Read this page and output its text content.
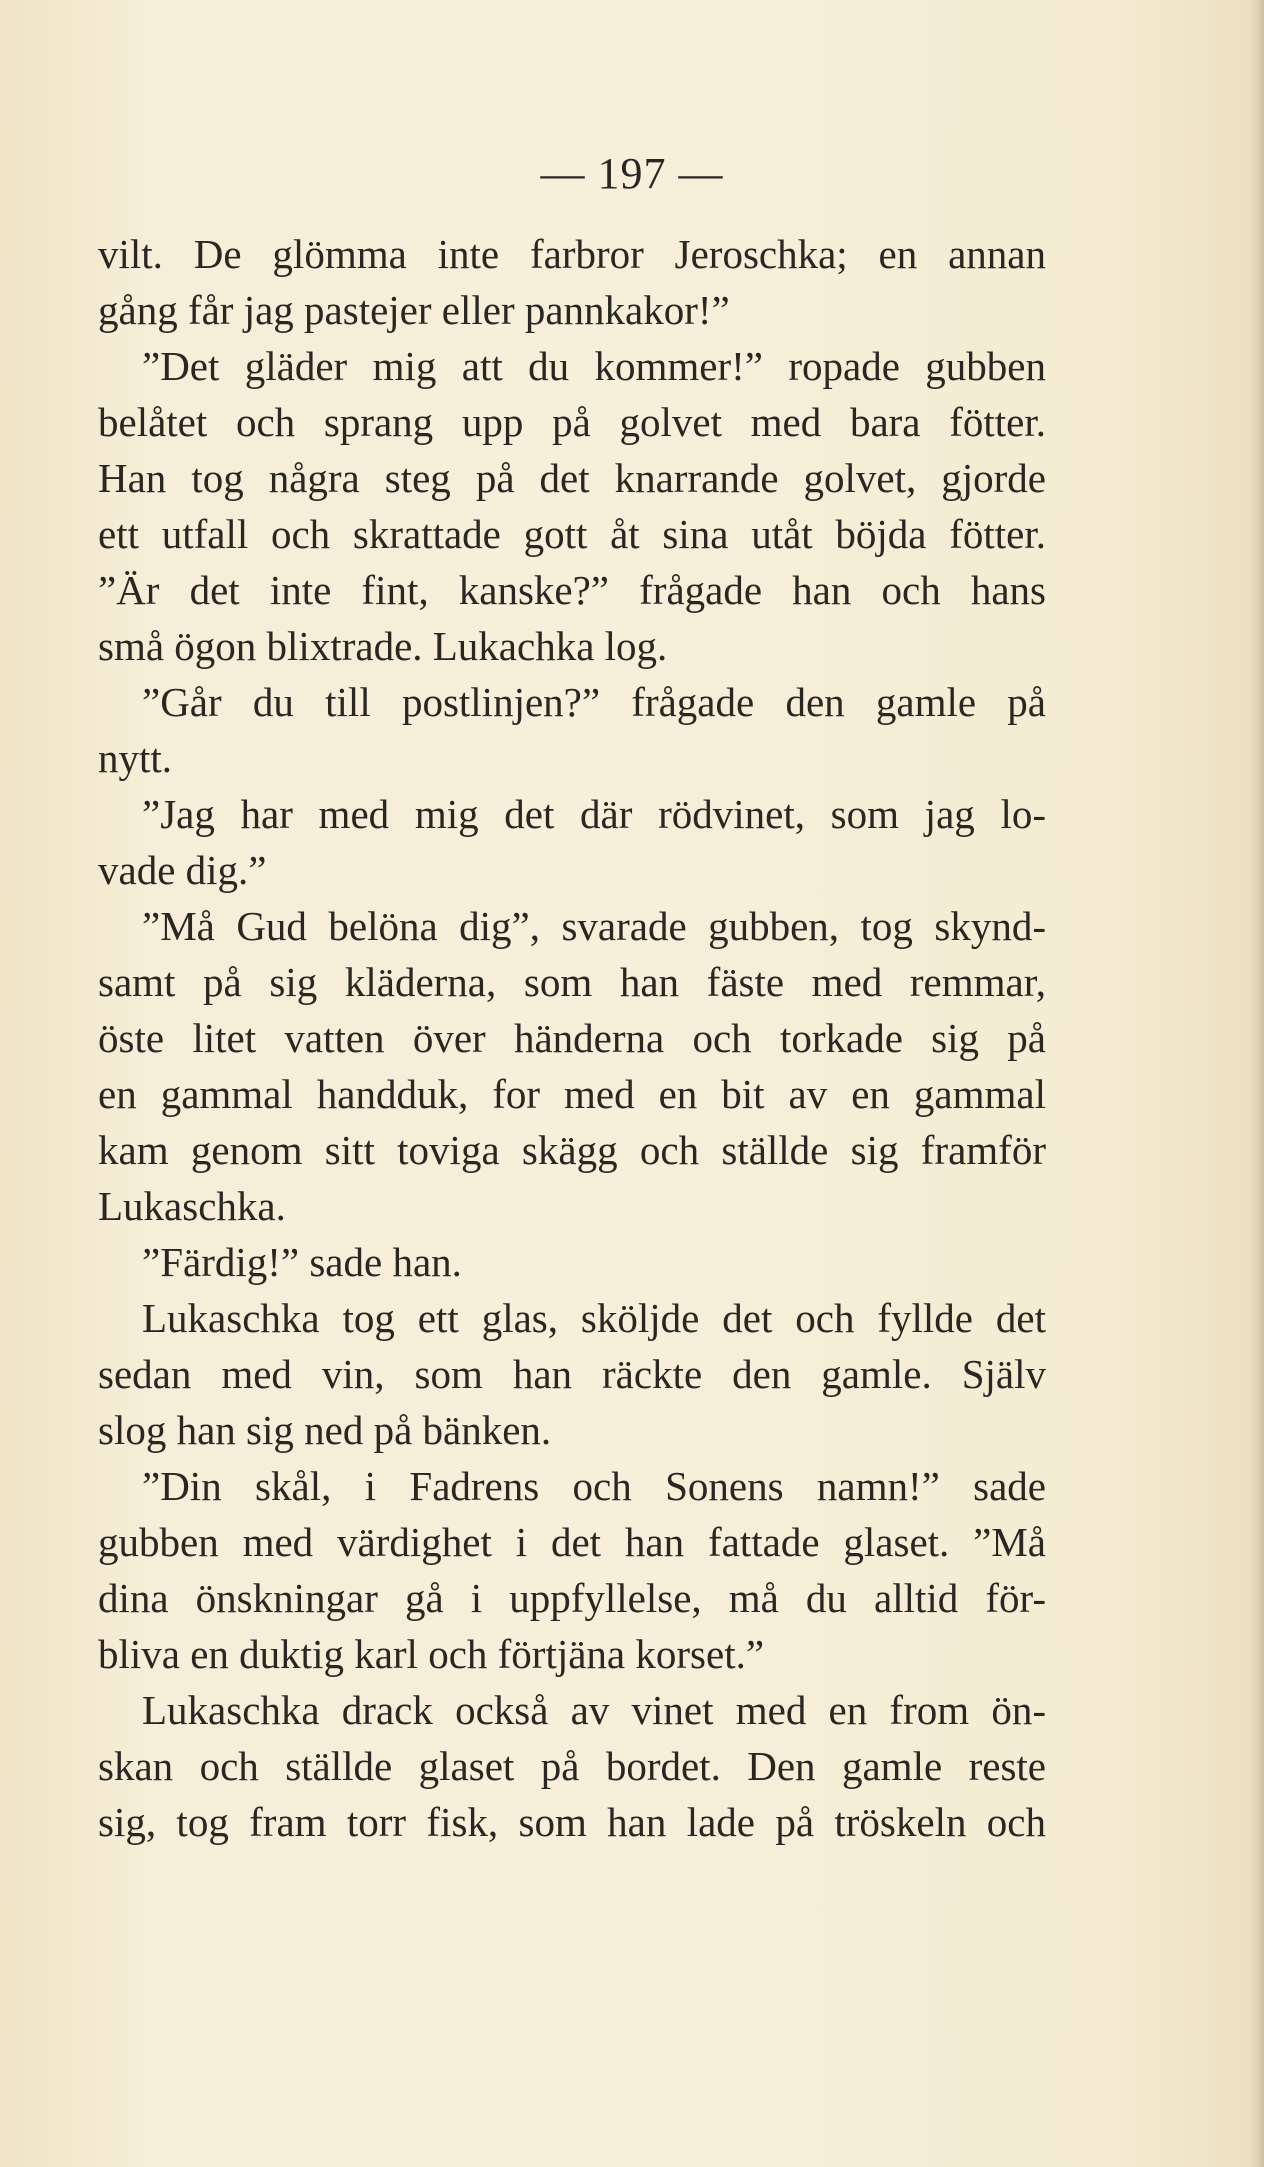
— 197 —
vilt. De glömma inte farbror Jeroschka; en annan
gång får jag pastejer eller pannkakor!”
”Det gläder mig att du kommer!” ropade gubben
belåtet och sprang upp på golvet med bara fötter.
Han tog några steg på det knarrande golvet, gjorde
ett utfall och skrattade gott åt sina utåt böjda fötter.
”Är det inte fint, kanske?” frågade han och hans
små ögon blixtrade. Lukachka log.
”Går du till postlinjen?” frågade den gamle på
nytt.
”Jag har med mig det där rödvinet, som jag lo-
vade dig.”
”Må Gud belöna dig”, svarade gubben, tog skynd-
samt på sig kläderna, som han fäste med remmar,
öste litet vatten över händerna och torkade sig på
en gammal handduk, for med en bit av en gammal
kam genom sitt toviga skägg och ställde sig framför
Lukaschka.
”Färdig!” sade han.
Lukaschka tog ett glas, sköljde det och fyllde det
sedan med vin, som han räckte den gamle. Själv
slog han sig ned på bänken.
”Din skål, i Fadrens och Sonens namn!” sade
gubben med värdighet i det han fattade glaset. ”Må
dina önskningar gå i uppfyllelse, må du alltid för-
bliva en duktig karl och förtjäna korset.”
Lukaschka drack också av vinet med en from ön-
skan och ställde glaset på bordet. Den gamle reste
sig, tog fram torr fisk, som han lade på tröskeln och
